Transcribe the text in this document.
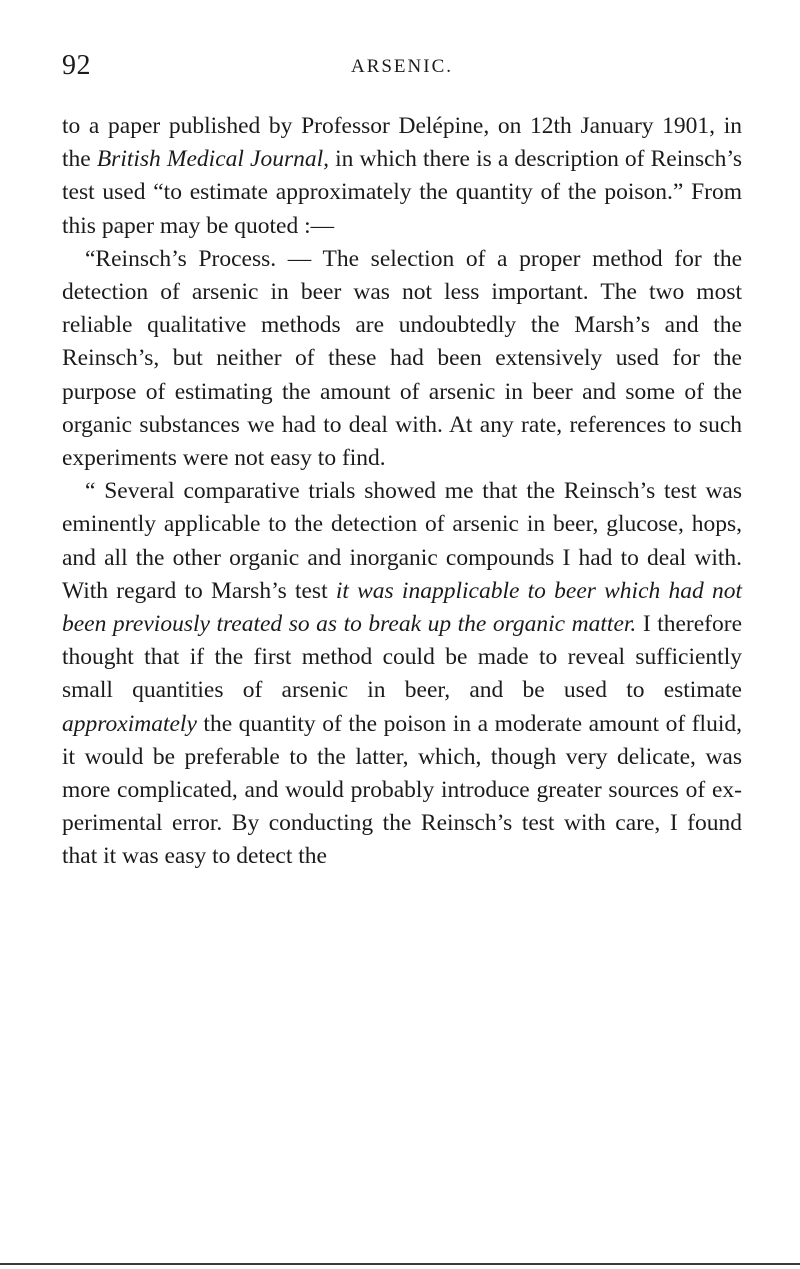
92	ARSENIC.

to a paper published by Professor Delépine, on 12th January 1901, in the British Medical Journal, in which there is a description of Reinsch’s test used “to estimate approximately the quantity of the poison.” From this paper may be quoted :—

“Reinsch’s Process. — The selection of a proper method for the detection of arsenic in beer was not less important. The two most reliable qualitative methods are undoubtedly the Marsh’s and the Reinsch’s, but neither of these had been extensively used for the purpose of estimating the amount of arsenic in beer and some of the organic substances we had to deal with. At any rate, references to such experiments were not easy to find.

“ Several comparative trials showed me that the Reinsch’s test was eminently applicable to the detection of arsenic in beer, glucose, hops, and all the other organic and inorganic compounds I had to deal with. With regard to Marsh’s test it was inapplicable to beer which had not been previously treated so as to break up the organic matter. I therefore thought that if the first method could be made to reveal sufficiently small quantities of arsenic in beer, and be used to estimate approximately the quantity of the poison in a moderate amount of fluid, it would be preferable to the latter, which, though very delicate, was more complicated, and would probably introduce greater sources of experimental error. By conducting the Reinsch’s test with care, I found that it was easy to detect the
